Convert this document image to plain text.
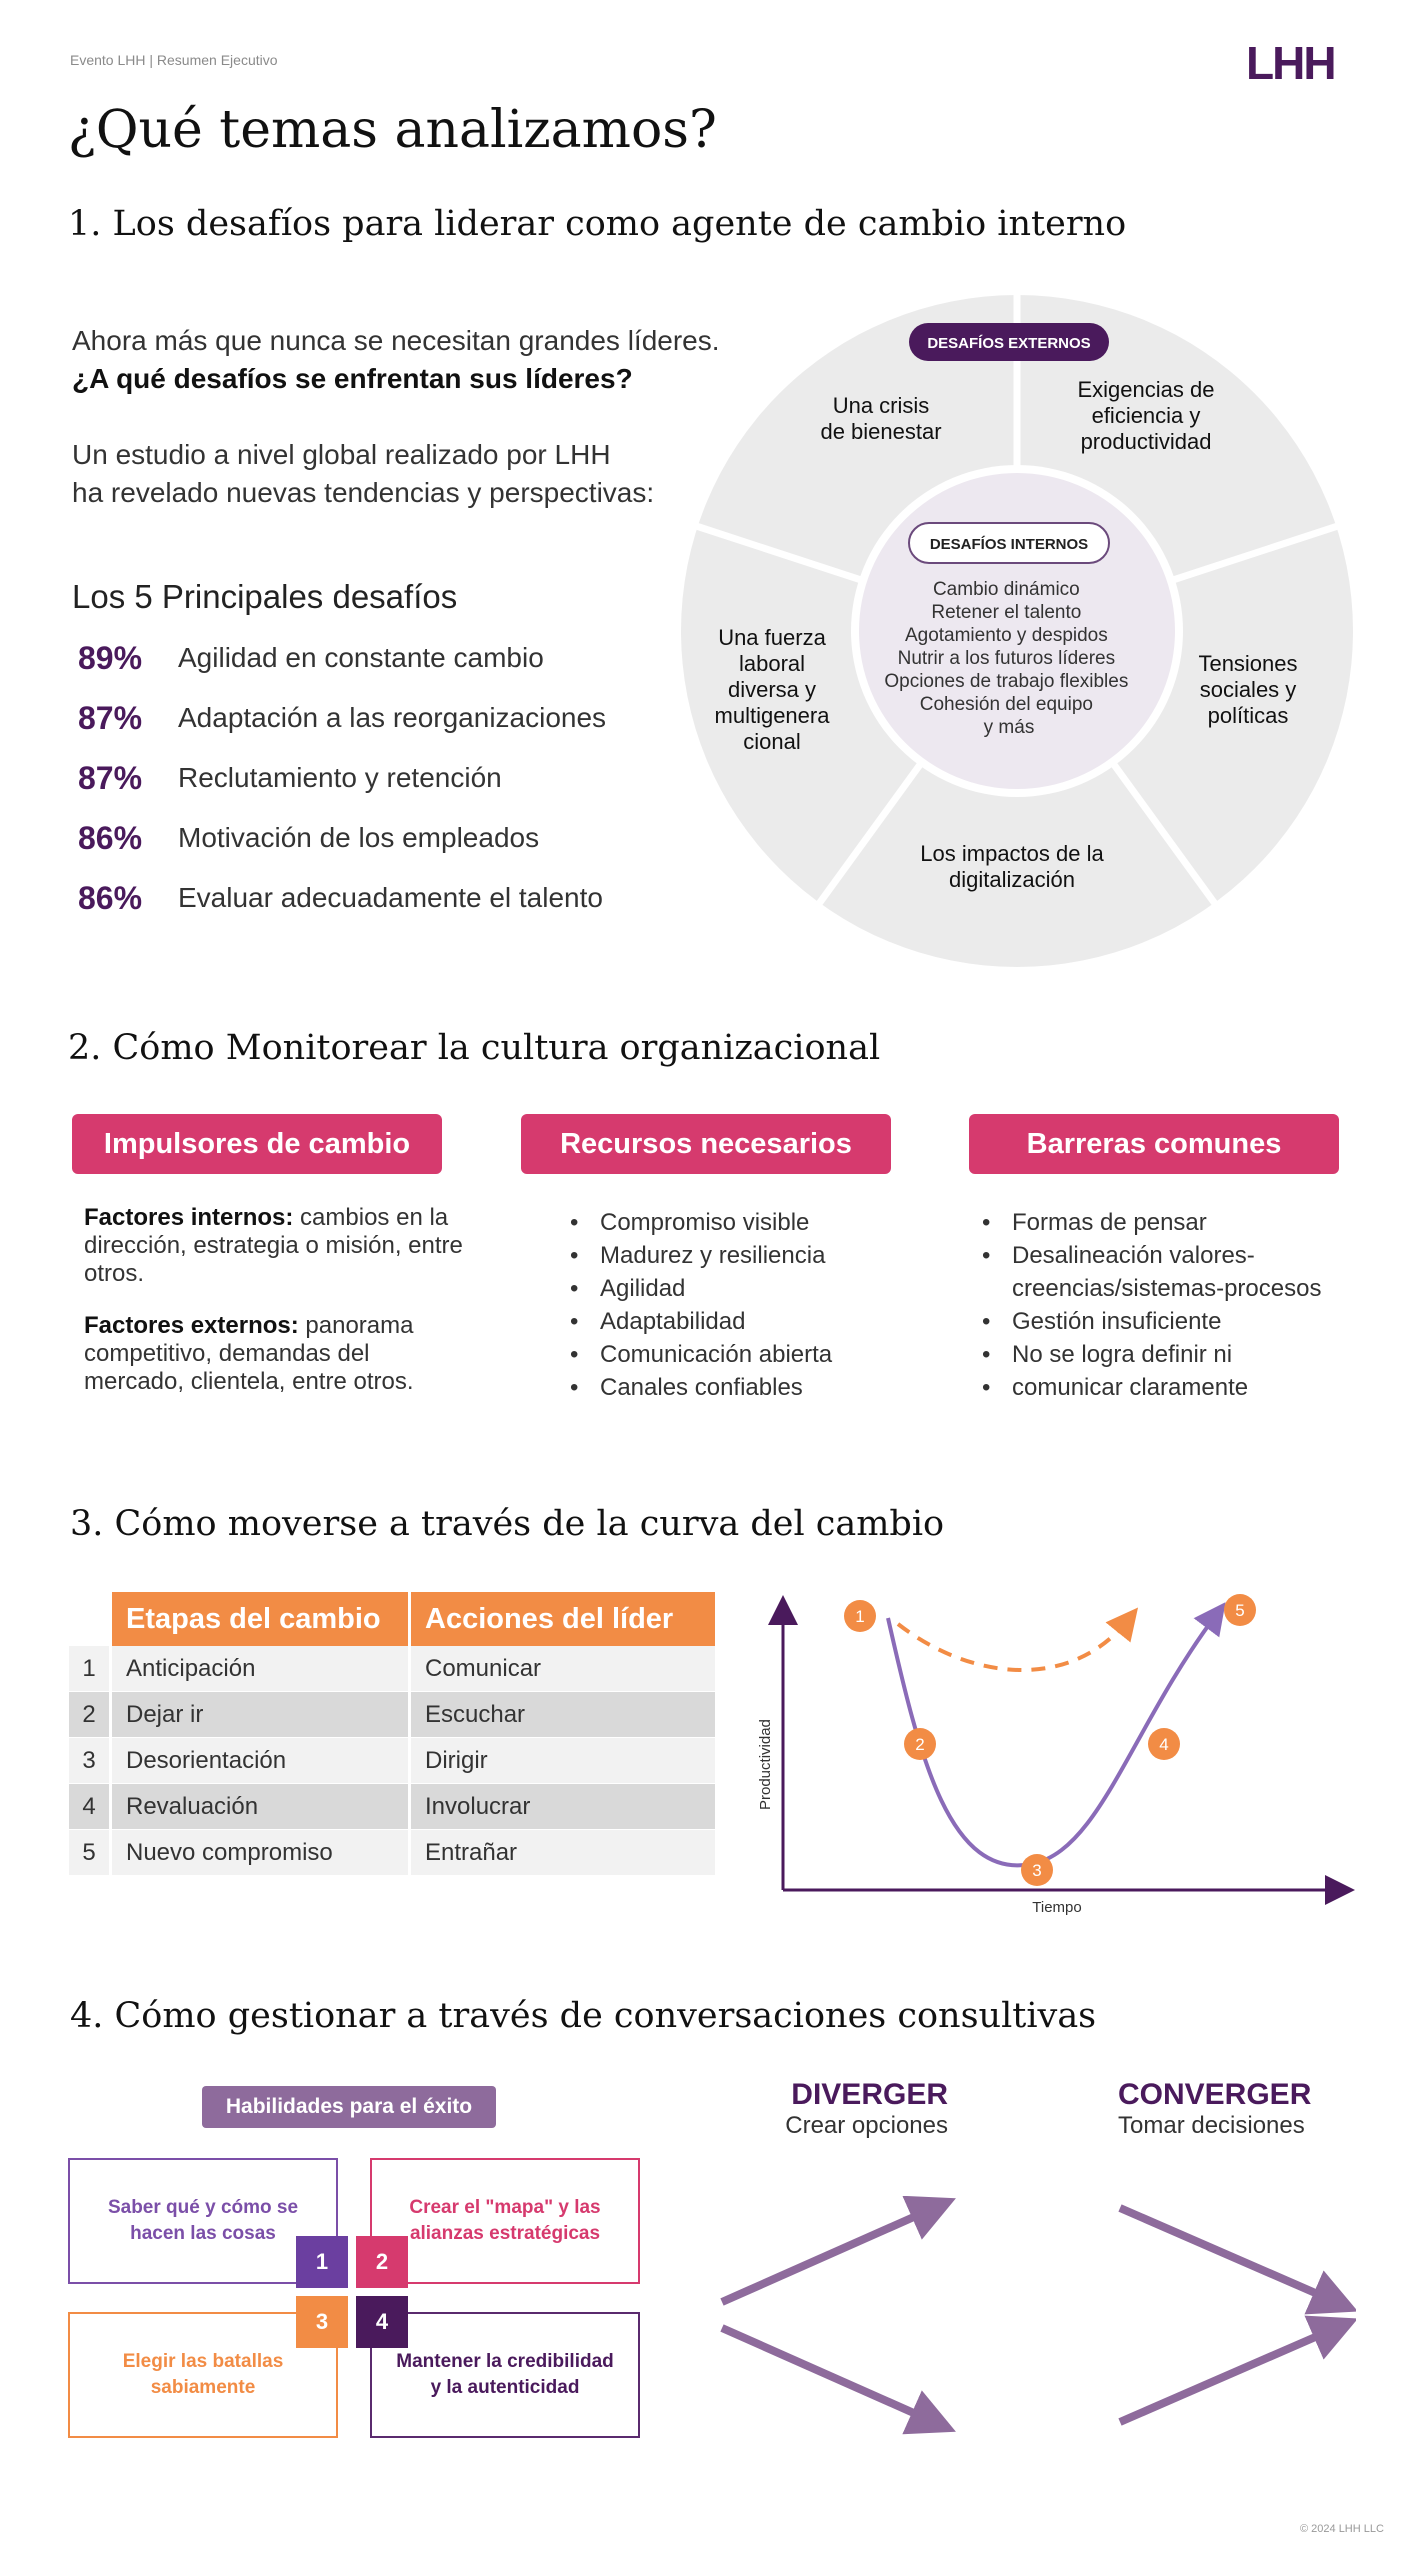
Evento LHH | Resumen Ejecutivo	LHH
¿Qué temas analizamos?
1. Los desafíos para liderar como agente de cambio interno
Ahora más que nunca se necesitan grandes líderes.
¿A qué desafíos se enfrentan sus líderes?
Un estudio a nivel global realizado por LHH
ha revelado nuevas tendencias y perspectivas:
Los 5 Principales desafíos
89%	Agilidad en constante cambio
87%	Adaptación a las reorganizaciones
87%	Reclutamiento y retención
86%	Motivación de los empleados
86%	Evaluar adecuadamente el talento
Una crisis de bienestar
Exigencias de eficiencia y productividad
Tensiones sociales y políticas
Los impactos de la digitalización
Una fuerza laboral diversa y multigenera cional
DESAFÍOS EXTERNOS
DESAFÍOS INTERNOS
Cambio dinámico Retener el talento Agotamiento y despidos Nutrir a los futuros líderes Opciones de trabajo flexibles Cohesión del equipo y más
2. Cómo Monitorear la cultura organizacional
Impulsores de cambio	Recursos necesarios	Barreras comunes
Factores internos: cambios en la dirección, estrategia o misión, entre otros.
Factores externos: panorama competitivo, demandas del mercado, clientela, entre otros.
• Compromiso visible
• Madurez y resiliencia
• Agilidad
• Adaptabilidad
• Comunicación abierta
• Canales confiables
• Formas de pensar
• Desalineación valores-creencias/sistemas-procesos
• Gestión insuficiente
• No se logra definir ni
• comunicar claramente
3. Cómo moverse a través de la curva del cambio
	Etapas del cambio	Acciones del líder
1	Anticipación	Comunicar
2	Dejar ir	Escuchar
3	Desorientación	Dirigir
4	Revaluación	Involucrar
5	Nuevo compromiso	Entrañar
Productividad
Tiempo
1
2
3
4
5
4. Cómo gestionar a través de conversaciones consultivas
Habilidades para el éxito
Saber qué y cómo se hacen las cosas
Crear el "mapa" y las alianzas estratégicas
Elegir las batallas sabiamente
Mantener la credibilidad y la autenticidad
1	2
3	4
DIVERGER
Crear opciones
CONVERGER
Tomar decisiones
© 2024 LHH LLC
